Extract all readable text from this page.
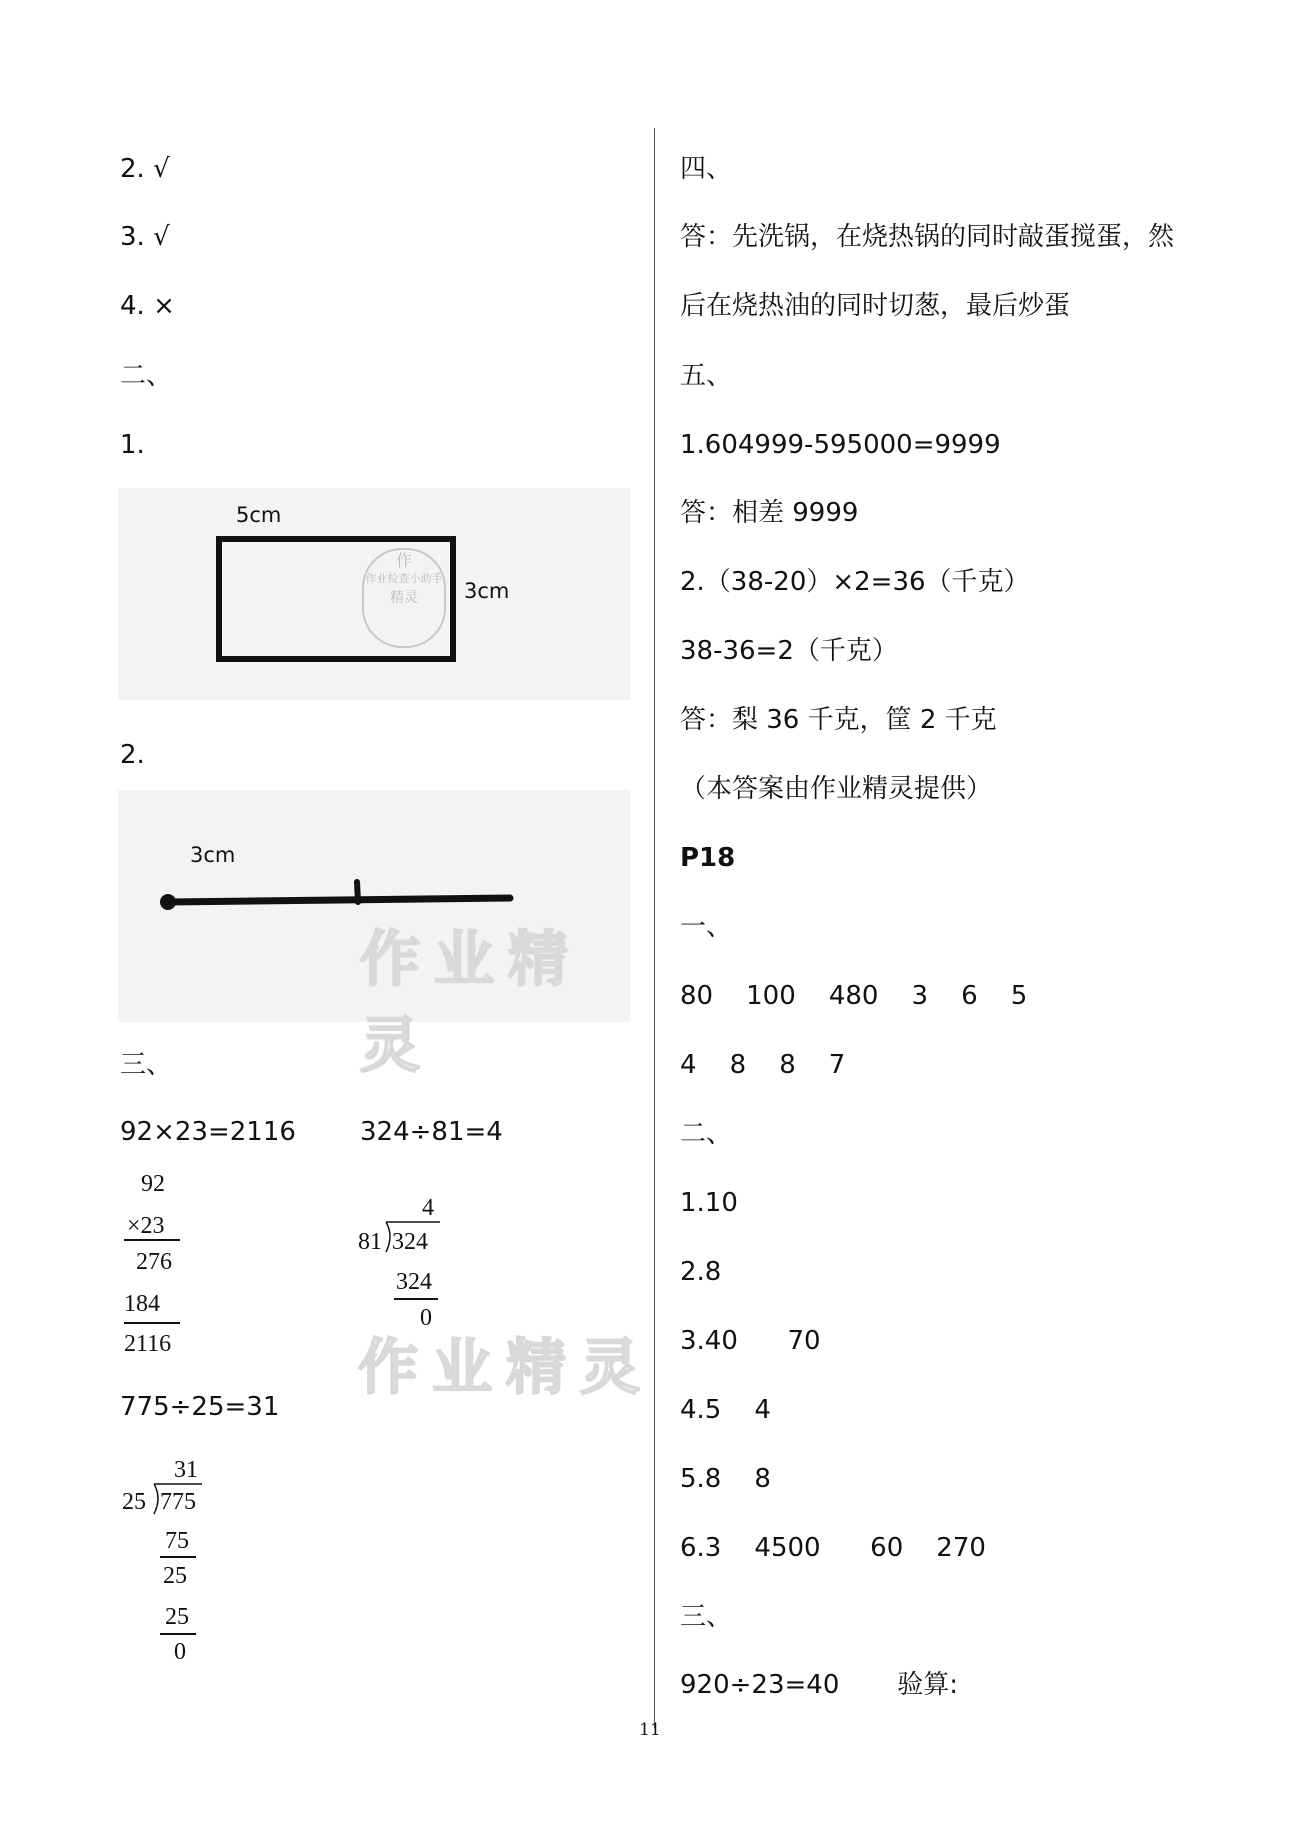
2. √
3. √
4. ×
二、
1.
5cm
作
作业检查小助手
精灵	3cm
2.
3cm
作业精灵
三、
92×23=2116 324÷81=4
92
×23
276
184
2116
4
81 324
324
0
作业精灵
775÷25=31
31
25 775
75
25
25
0
四、
答：先洗锅，在烧热锅的同时敲蛋搅蛋，然
后在烧热油的同时切葱，最后炒蛋
五、
1.604999-595000=9999
答：相差 9999
2.（38-20）×2=36（千克）
38-36=2（千克）
答：梨 36 千克，筐 2 千克
（本答案由作业精灵提供）
P18
一、
80    100    480    3    6    5
4    8    8    7
二、
1.10
2.8
3.40      70
4.5    4
5.8    8
6.3    4500      60    270
三、
920÷23=40       验算:
11
